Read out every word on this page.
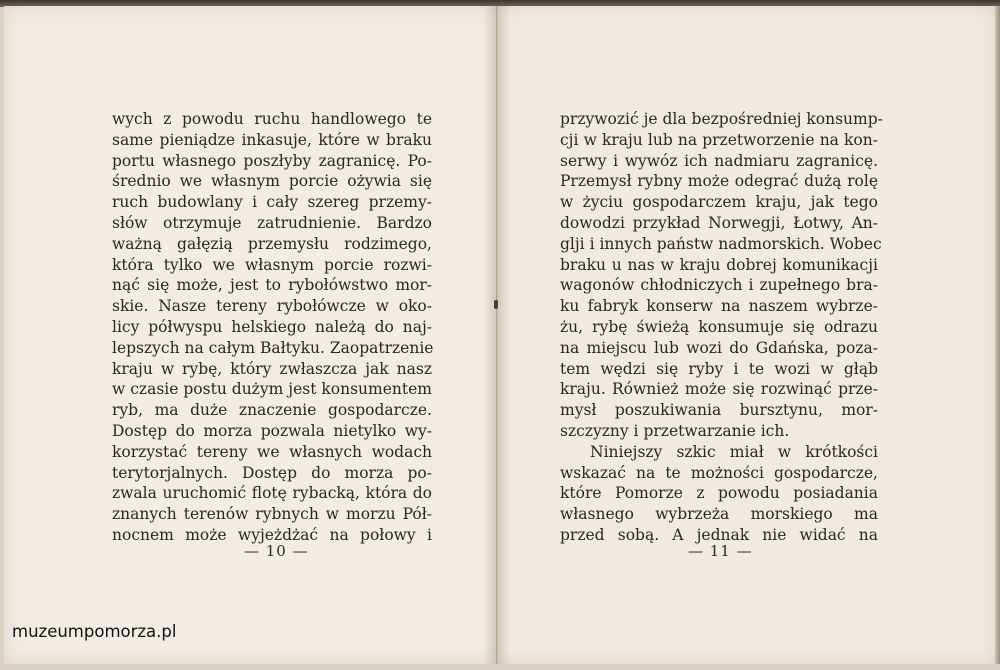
wych z powodu ruchu handlowego te
same pieniądze inkasuje, które w braku
portu własnego poszłyby zagranicę. Po-
średnio we własnym porcie ożywia się
ruch budowlany i cały szereg przemy-
słów otrzymuje zatrudnienie. Bardzo
ważną gałęzią przemysłu rodzimego,
która tylko we własnym porcie rozwi-
nąć się może, jest to rybołówstwo mor-
skie. Nasze tereny rybołówcze w oko-
licy półwyspu helskiego należą do naj-
lepszych na całym Bałtyku. Zaopatrzenie
kraju w rybę, który zwłaszcza jak nasz
w czasie postu dużym jest konsumentem
ryb, ma duże znaczenie gospodarcze.
Dostęp do morza pozwala nietylko wy-
korzystać tereny we własnych wodach
terytorjalnych. Dostęp do morza po-
zwala uruchomić flotę rybacką, która do
znanych terenów rybnych w morzu Pół-
nocnem może wyjeżdżać na połowy i
przywozić je dla bezpośredniej konsump-
cji w kraju lub na przetworzenie na kon-
serwy i wywóz ich nadmiaru zagranicę.
Przemysł rybny może odegrać dużą rolę
w życiu gospodarczem kraju, jak tego
dowodzi przykład Norwegji, Łotwy, An-
glji i innych państw nadmorskich. Wobec
braku u nas w kraju dobrej komunikacji
wagonów chłodniczych i zupełnego bra-
ku fabryk konserw na naszem wybrze-
żu, rybę świeżą konsumuje się odrazu
na miejscu lub wozi do Gdańska, poza-
tem wędzi się ryby i te wozi w głąb
kraju. Również może się rozwinąć prze-
mysł poszukiwania bursztynu, mor-
szczyzny i przetwarzanie ich.
Niniejszy szkic miał w krótkości
wskazać na te możności gospodarcze,
które Pomorze z powodu posiadania
własnego wybrzeża morskiego ma
przed sobą. A jednak nie widać na
— 10 —	— 11 —
muzeumpomorza.pl
